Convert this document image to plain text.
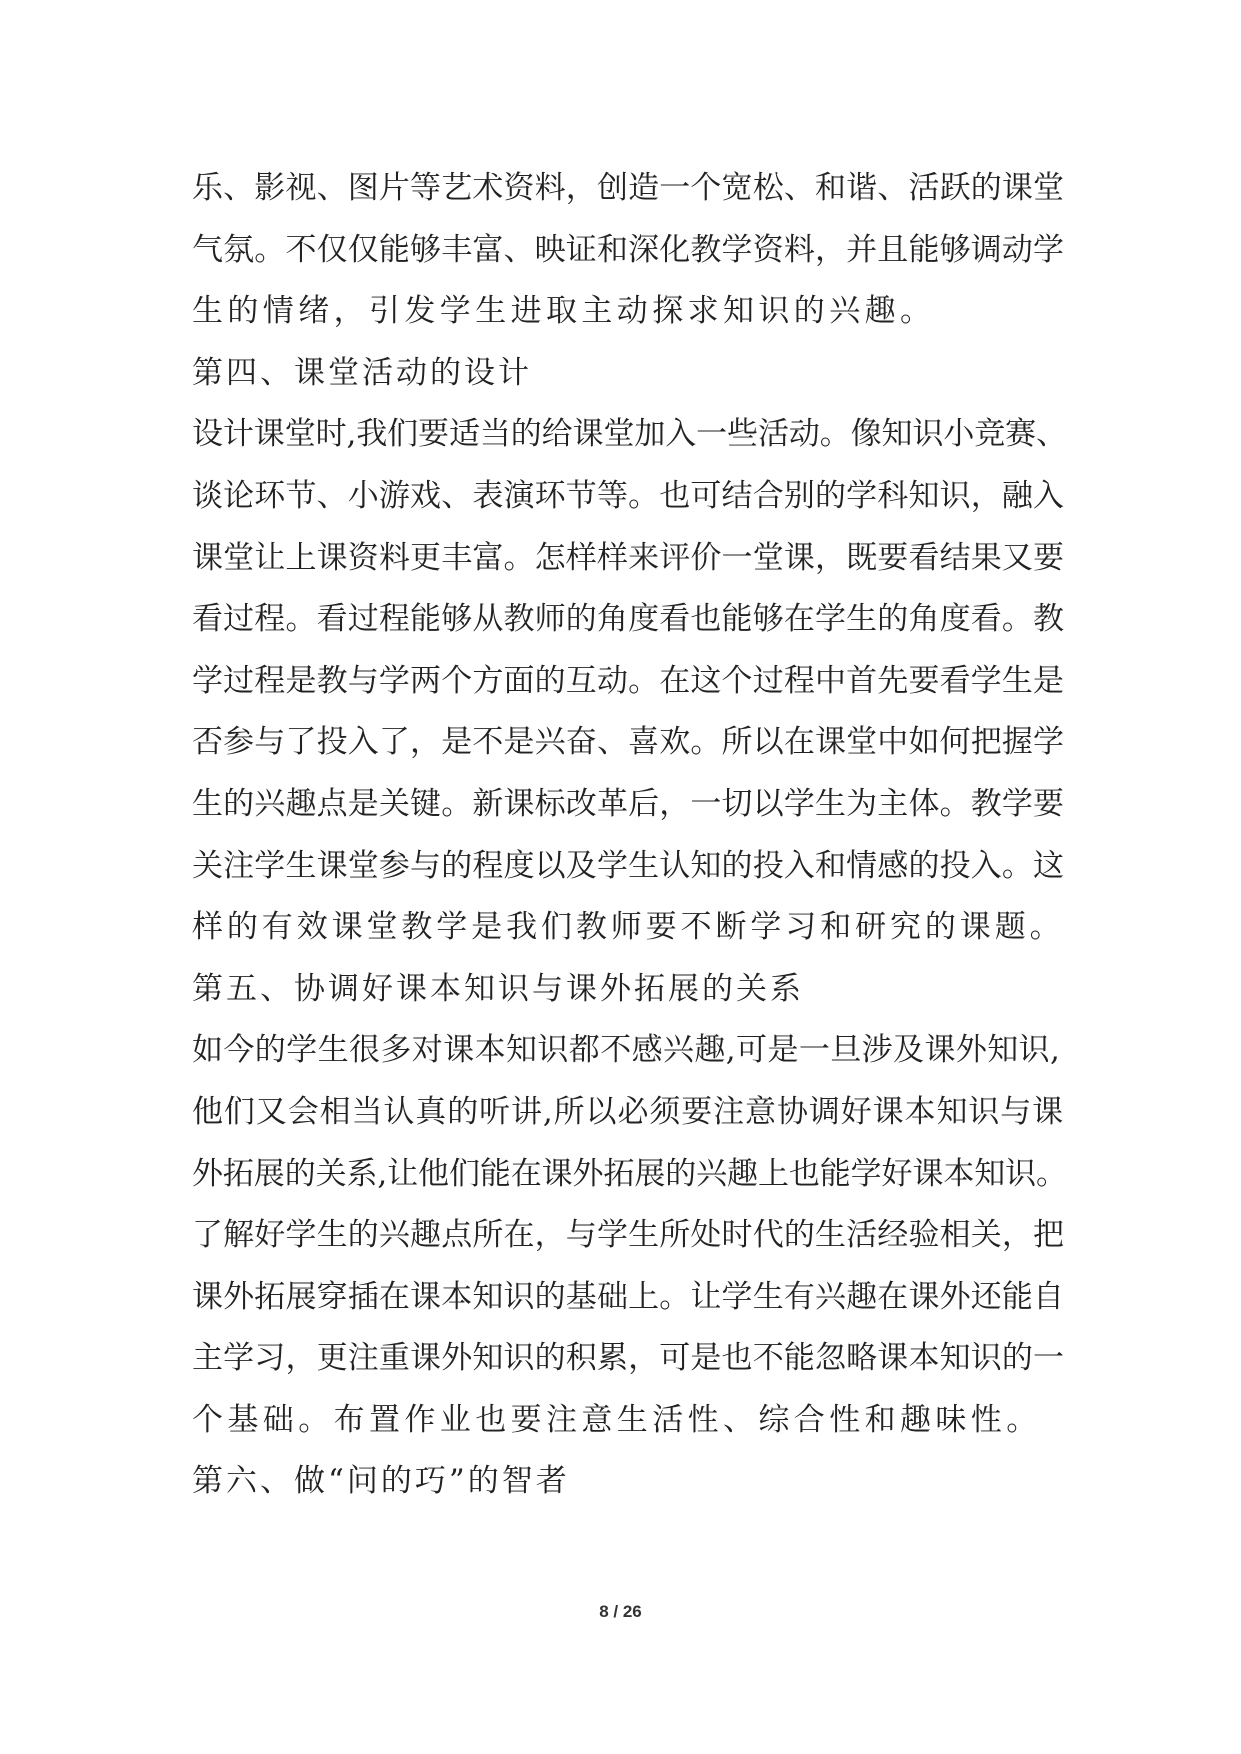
乐、影视、图片等艺术资料，创造一个宽松、和谐、活跃的课堂
气氛。不仅仅能够丰富、映证和深化教学资料，并且能够调动学
生的情绪，引发学生进取主动探求知识的兴趣。
第四、课堂活动的设计
设计课堂时,我们要适当的给课堂加入一些活动。像知识小竞赛、
谈论环节、小游戏、表演环节等。也可结合别的学科知识，融入
课堂让上课资料更丰富。怎样样来评价一堂课，既要看结果又要
看过程。看过程能够从教师的角度看也能够在学生的角度看。教
学过程是教与学两个方面的互动。在这个过程中首先要看学生是
否参与了投入了，是不是兴奋、喜欢。所以在课堂中如何把握学
生的兴趣点是关键。新课标改革后，一切以学生为主体。教学要
关注学生课堂参与的程度以及学生认知的投入和情感的投入。这
样的有效课堂教学是我们教师要不断学习和研究的课题。
第五、协调好课本知识与课外拓展的关系
如今的学生很多对课本知识都不感兴趣,可是一旦涉及课外知识,
他们又会相当认真的听讲,所以必须要注意协调好课本知识与课
外拓展的关系,让他们能在课外拓展的兴趣上也能学好课本知识。
了解好学生的兴趣点所在，与学生所处时代的生活经验相关，把
课外拓展穿插在课本知识的基础上。让学生有兴趣在课外还能自
主学习，更注重课外知识的积累，可是也不能忽略课本知识的一
个基础。布置作业也要注意生活性、综合性和趣味性。
第六、做“问的巧”的智者
8 / 26
